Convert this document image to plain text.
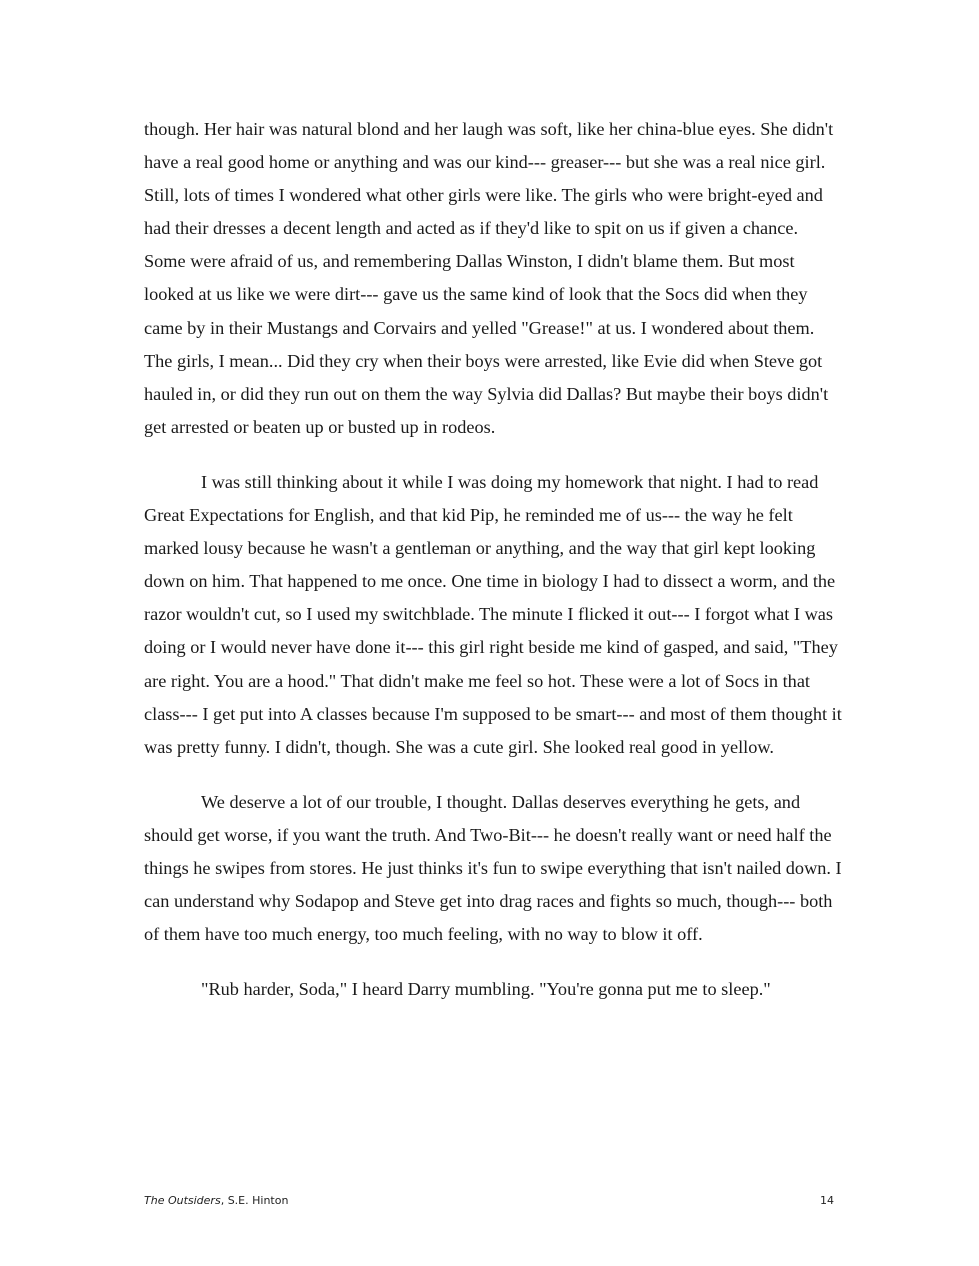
though. Her hair was natural blond and her laugh was soft, like her china-blue eyes. She didn't have a real good home or anything and was our kind--- greaser--- but she was a real nice girl. Still, lots of times I wondered what other girls were like. The girls who were bright-eyed and had their dresses a decent length and acted as if they'd like to spit on us if given a chance. Some were afraid of us, and remembering Dallas Winston, I didn't blame them. But most looked at us like we were dirt--- gave us the same kind of look that the Socs did when they came by in their Mustangs and Corvairs and yelled "Grease!" at us. I wondered about them. The girls, I mean... Did they cry when their boys were arrested, like Evie did when Steve got hauled in, or did they run out on them the way Sylvia did Dallas? But maybe their boys didn't get arrested or beaten up or busted up in rodeos.

I was still thinking about it while I was doing my homework that night. I had to read Great Expectations for English, and that kid Pip, he reminded me of us--- the way he felt marked lousy because he wasn't a gentleman or anything, and the way that girl kept looking down on him. That happened to me once. One time in biology I had to dissect a worm, and the razor wouldn't cut, so I used my switchblade. The minute I flicked it out--- I forgot what I was doing or I would never have done it--- this girl right beside me kind of gasped, and said, "They are right. You are a hood." That didn't make me feel so hot. These were a lot of Socs in that class--- I get put into A classes because I'm supposed to be smart--- and most of them thought it was pretty funny. I didn't, though. She was a cute girl. She looked real good in yellow.

We deserve a lot of our trouble, I thought. Dallas deserves everything he gets, and should get worse, if you want the truth. And Two-Bit--- he doesn't really want or need half the things he swipes from stores. He just thinks it's fun to swipe everything that isn't nailed down. I can understand why Sodapop and Steve get into drag races and fights so much, though--- both of them have too much energy, too much feeling, with no way to blow it off.

"Rub harder, Soda," I heard Darry mumbling. "You're gonna put me to sleep."

The Outsiders, S.E. Hinton	14
